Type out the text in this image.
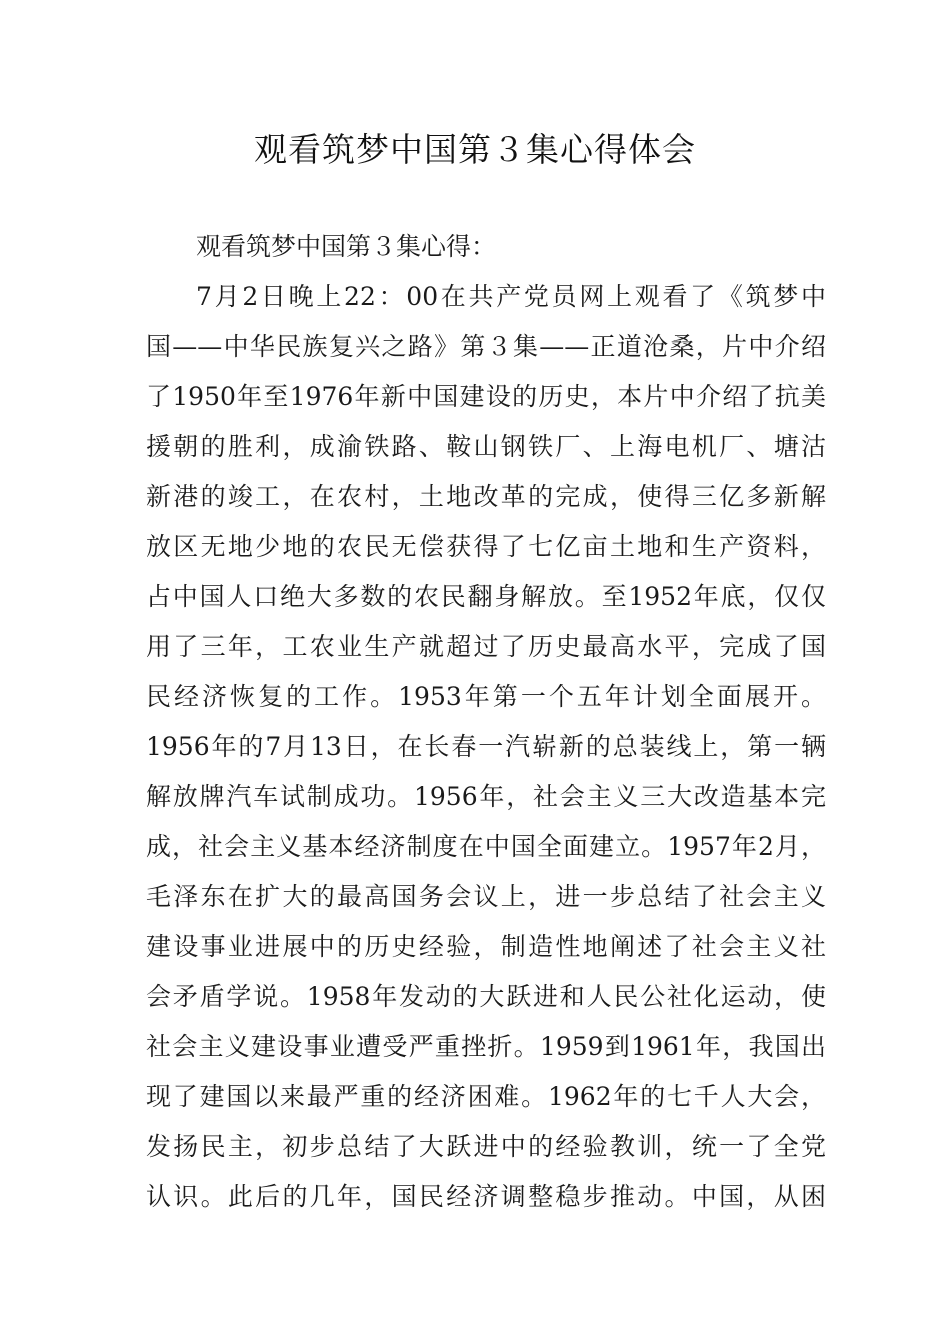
观看筑梦中国第３集心得体会
观看筑梦中国第３集心得：
7月2日晚上22：00在共产党员网上观看了《筑梦中
国——中华民族复兴之路》第３集——正道沧桑，片中介绍
了1950年至1976年新中国建设的历史，本片中介绍了抗美
援朝的胜利，成渝铁路、鞍山钢铁厂、上海电机厂、塘沽
新港的竣工，在农村，土地改革的完成，使得三亿多新解
放区无地少地的农民无偿获得了七亿亩土地和生产资料，
占中国人口绝大多数的农民翻身解放。至1952年底，仅仅
用了三年，工农业生产就超过了历史最高水平，完成了国
民经济恢复的工作。1953年第一个五年计划全面展开。
1956年的7月13日，在长春一汽崭新的总装线上，第一辆
解放牌汽车试制成功。1956年，社会主义三大改造基本完
成，社会主义基本经济制度在中国全面建立。1957年2月，
毛泽东在扩大的最高国务会议上，进一步总结了社会主义
建设事业进展中的历史经验，制造性地阐述了社会主义社
会矛盾学说。1958年发动的大跃进和人民公社化运动，使
社会主义建设事业遭受严重挫折。1959到1961年，我国出
现了建国以来最严重的经济困难。1962年的七千人大会，
发扬民主，初步总结了大跃进中的经验教训，统一了全党
认识。此后的几年，国民经济调整稳步推动。中国，从困
